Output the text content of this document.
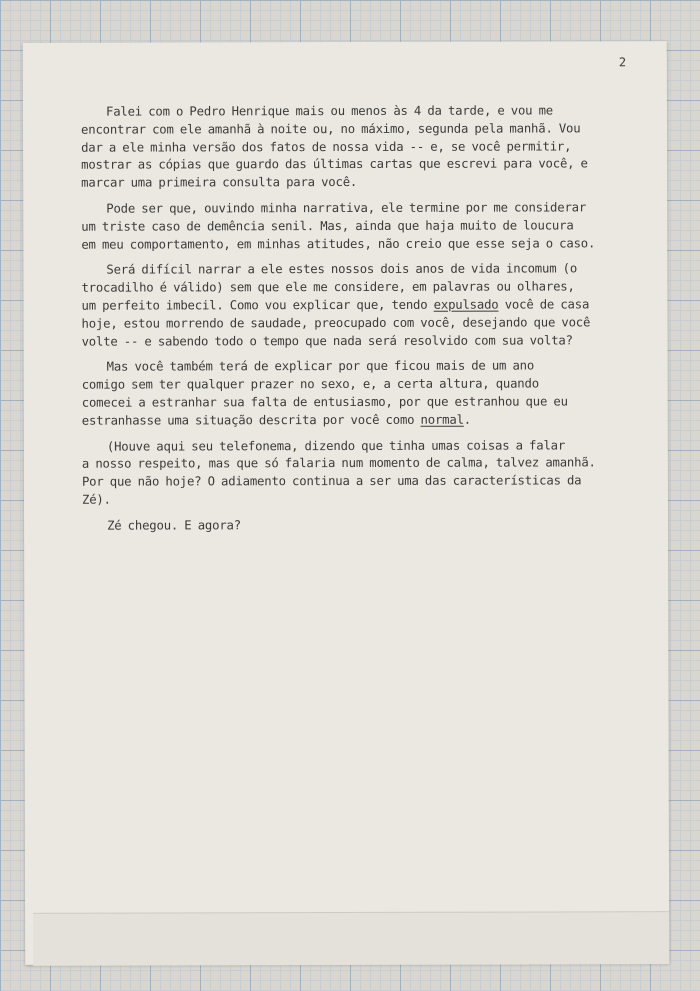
2
Falei com o Pedro Henrique mais ou menos às 4 da tarde, e vou me
encontrar com ele amanhã à noite ou, no máximo, segunda pela manhã. Vou
dar a ele minha versão dos fatos de nossa vida -- e, se você permitir,
mostrar as cópias que guardo das últimas cartas que escrevi para você, e
marcar uma primeira consulta para você.
Pode ser que, ouvindo minha narrativa, ele termine por me considerar
um triste caso de demência senil. Mas, ainda que haja muito de loucura
em meu comportamento, em minhas atitudes, não creio que esse seja o caso.
Será difícil narrar a ele estes nossos dois anos de vida incomum (o
trocadilho é válido) sem que ele me considere, em palavras ou olhares,
um perfeito imbecil. Como vou explicar que, tendo expulsado você de casa
hoje, estou morrendo de saudade, preocupado com você, desejando que você
volte -- e sabendo todo o tempo que nada será resolvido com sua volta?
Mas você também terá de explicar por que ficou mais de um ano
comigo sem ter qualquer prazer no sexo, e, a certa altura, quando
comecei a estranhar sua falta de entusiasmo, por que estranhou que eu
estranhasse uma situação descrita por você como normal.
(Houve aqui seu telefonema, dizendo que tinha umas coisas a falar
a nosso respeito, mas que só falaria num momento de calma, talvez amanhã.
Por que não hoje? O adiamento continua a ser uma das características da
Zé).
Zé chegou. E agora?
